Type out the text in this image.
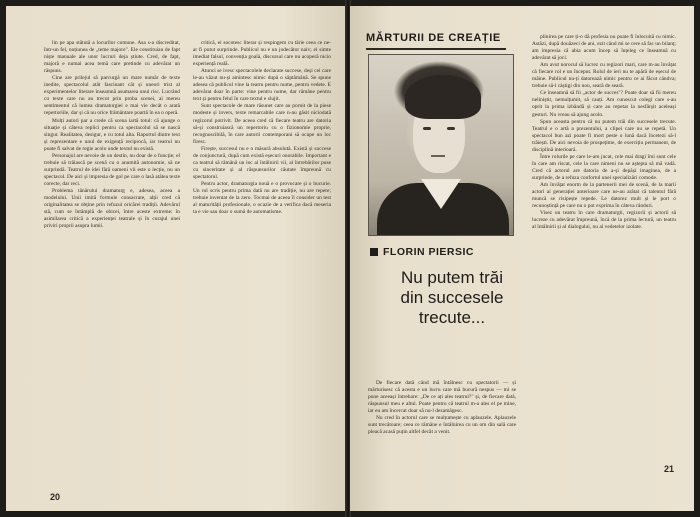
lin pe apa stătută a locurilor comune. Asa s-a discreditat, într-un fel, noțiunea de „teme majore". Ele constituiau de fapt niște manuale ale unor lucruri deja știute. Cred, de fapt, majoră e numai acea temă care pretinde cu adevărat un răspuns.

Cine are prilejul să parcurgă un mare număr de texte inedite, spectacolul atât fascinant cât și uneori trist al experimentelor literare înseamnă asumarea unui risc. Lucrând cu texte care nu au trecut prin proba scenei, ai mereu sentimentul că lumea dramaturgiei e mai vie decât o arată repertoriile, dar și că nu orice frământare poartă în ea o operă.

Mulți autori par a crede că scena iartă totul: că ajunge o situație și câteva replici pentru ca spectacolul să se nască singur. Realitatea, desigur, e cu totul alta. Raportul dintre text și reprezentare e unul de exigență reciprocă, iar teatrul nu poate fi salvat de regie acolo unde textul nu există.

Personajul are nevoie de un destin, nu doar de o funcție; el trebuie să trăiască pe scenă cu o anumită autonomie, să ne surprindă. Teatrul de idei fără oameni vii este o lecție, nu un spectacol. De aici și impresia de gol pe care o lasă atâtea texte corecte, dar reci.

Problema tânărului dramaturg e, adesea, aceea a modelului. Unii imită formule consacrate, alții cred că originalitatea se obține prin refuzul oricărei tradiții. Adevărul stă, cum se întâmplă de obicei, între aceste extreme: în asimilarea critică a experienței teatrale și în curajul unei priviri proprii asupra lumii.

critică, ei socotesc literar și respingem cu tărie ceea ce ne-ar fi putut surprinde. Publicul nu e un judecător naiv; el simte imediat falsul, convenția goală, discursul care nu acoperă nicio experiență reală.

Atunci se ivesc spectacolele declarate succese, deși cei care le-au văzut nu-și amintesc nimic după o săptămână. Se spune adesea că publicul vine la teatru pentru nume, pentru vedete. E adevărat doar în parte: vine pentru nume, dar rămâne pentru text și pentru felul în care textul e slujit.

Sunt spectacole de mare răsunet care au pornit de la piese modeste și invers, texte remarcabile care n-au găsit niciodată regizorul potrivit. De aceea cred că fiecare teatru are datoria să-și construiască un repertoriu cu o fizionomie proprie, recognoscibilă, în care autorii contemporani să ocupe un loc firesc.

Firește, succesul nu e o măsură absolută. Există și succese de conjunctură, după cum există eșecuri onorabile. Important e ca teatrul să rămână un loc al întâlnirii vii, al întrebărilor puse cu sinceritate și al răspunsurilor căutate împreună cu spectatorul.

Pentru actor, dramaturgia nouă e o provocare și o bucurie. Un rol scris pentru prima dată nu are tradiție, nu are repere; trebuie inventat de la zero. Tocmai de aceea îl consider un test al maturității profesionale, o ocazie de a verifica dacă meseria ta e vie sau doar o sumă de automatisme.

20
MĂRTURII DE CREAȚIE
FLORIN PIERSIC
Nu putem trăi din succesele trecute...

De fiecare dată când mă întâlnesc cu spectatorii — și mărturisesc că acesta e un lucru care mă bucură nespus — mi se pune aceeași întrebare: „De ce ați ales teatrul?" și, de fiecare dată, răspunsul meu e altul. Poate pentru că teatrul m-a ales el pe mine, iar eu am încercat doar să nu-l dezamăgesc.

Nu cred în actorul care se mulțumește cu aplauzele. Aplauzele sunt trecătoare; ceea ce rămâne e întâlnirea cu un om din sală care pleacă acasă puțin altfel decât a venit.

plinirea pe care ți-o dă profesia nu poate fi înlocuită cu nimic. Astăzi, după douăzeci de ani, ezit când mi se cere să fac un bilanț; am impresia că abia acum încep să înțeleg ce înseamnă cu adevărat să joci.

Am avut norocul să lucrez cu regizori mari, care m-au învățat că fiecare rol e un început. Rolul de ieri nu te apără de eșecul de mâine. Publicul nu-ți datorează nimic pentru ce ai făcut cândva; trebuie să-l câștigi din nou, seară de seară.

Ce înseamnă să fii „actor de succes"? Poate doar să fii mereu neliniștit, nemulțumit, să cauți. Am cunoscut colegi care s-au oprit la prima izbândă și care au repetat la nesfârșit aceleași gesturi. Nu vreau să ajung acolo.

Spun aceasta pentru că nu putem trăi din succesele trecute. Teatrul e o artă a prezentului, a clipei care nu se repetă. Un spectacol bun azi poate fi mort peste o lună dacă încetezi să-l trăiești. De aici nevoia de prospețime, de exercițiu permanent, de disciplină interioară.

Între rolurile pe care le-am jucat, cele mai dragi îmi sunt cele în care am riscat, cele la care nimeni nu se aștepta să mă vadă. Cred că actorul are datoria de a-și depăși imaginea, de a surprinde, de a refuza confortul unei specializări comode.

Am învățat enorm de la partenerii mei de scenă, de la marii actori ai generației anterioare care ne-au arătat că talentul fără muncă se risipește repede. Le datorez mult și le port o recunoștință pe care nu o pot exprima în câteva rânduri.

Visez un teatru în care dramaturgii, regizorii și actorii să lucreze cu adevărat împreună, încă de la prima lectură, un teatru al întâlnirii și al dialogului, nu al vedetelor izolate.

21
